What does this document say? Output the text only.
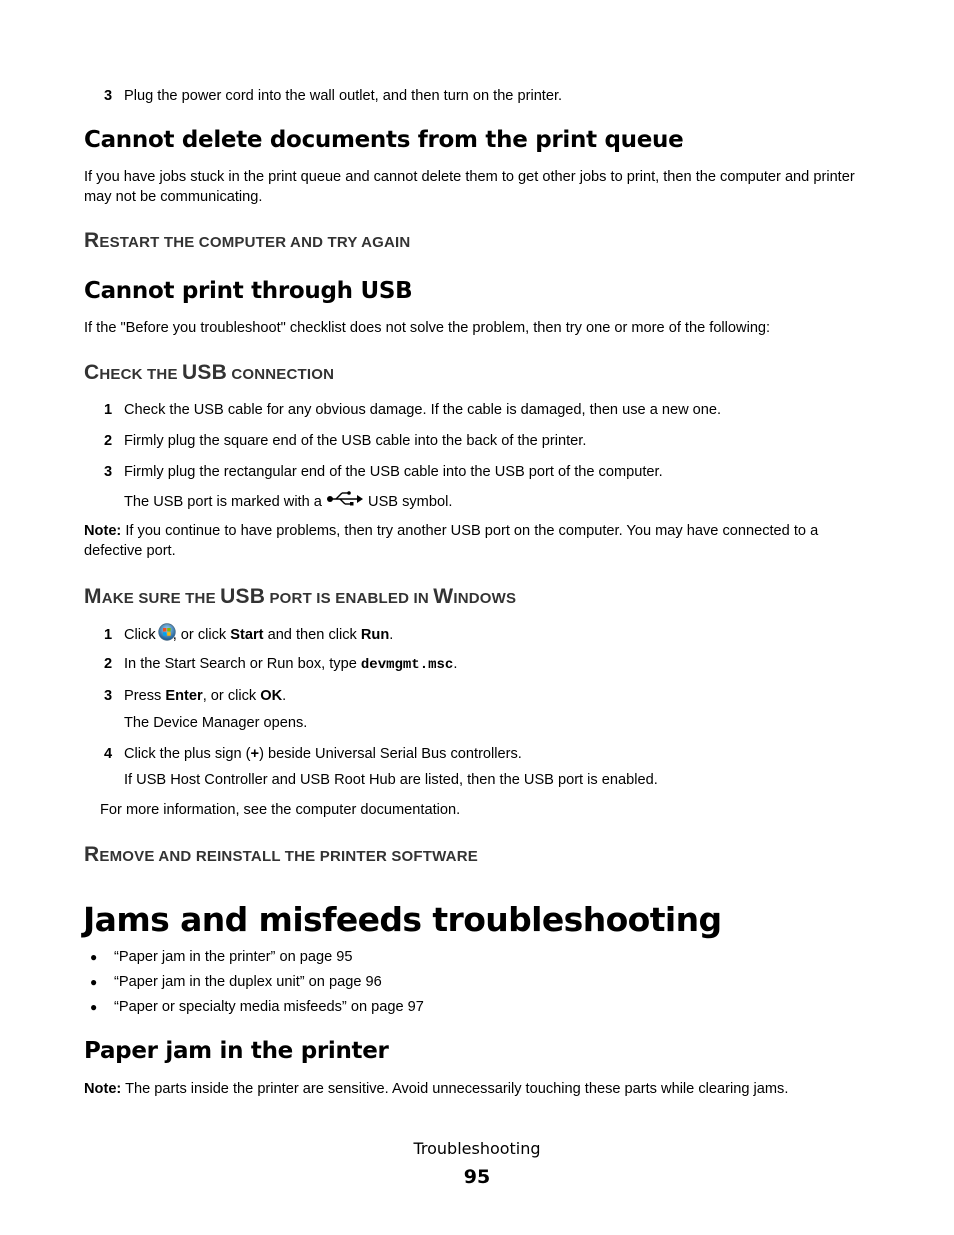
3 Plug the power cord into the wall outlet, and then turn on the printer.
Cannot delete documents from the print queue
If you have jobs stuck in the print queue and cannot delete them to get other jobs to print, then the computer and printer may not be communicating.
RESTART THE COMPUTER AND TRY AGAIN
Cannot print through USB
If the "Before you troubleshoot" checklist does not solve the problem, then try one or more of the following:
CHECK THE USB CONNECTION
1 Check the USB cable for any obvious damage. If the cable is damaged, then use a new one.
2 Firmly plug the square end of the USB cable into the back of the printer.
3 Firmly plug the rectangular end of the USB cable into the USB port of the computer.
The USB port is marked with a	USB symbol.
Note: If you continue to have problems, then try another USB port on the computer. You may have connected to a defective port.
MAKE SURE THE USB PORT IS ENABLED IN WINDOWS
1 Click , or click Start and then click Run.
2 In the Start Search or Run box, type devmgmt.msc.
3 Press Enter, or click OK.
The Device Manager opens.
4 Click the plus sign (+) beside Universal Serial Bus controllers.
If USB Host Controller and USB Root Hub are listed, then the USB port is enabled.
For more information, see the computer documentation.
REMOVE AND REINSTALL THE PRINTER SOFTWARE
Jams and misfeeds troubleshooting
● “Paper jam in the printer” on page 95
● “Paper jam in the duplex unit” on page 96
● “Paper or specialty media misfeeds” on page 97
Paper jam in the printer
Note: The parts inside the printer are sensitive. Avoid unnecessarily touching these parts while clearing jams.
Troubleshooting
95
